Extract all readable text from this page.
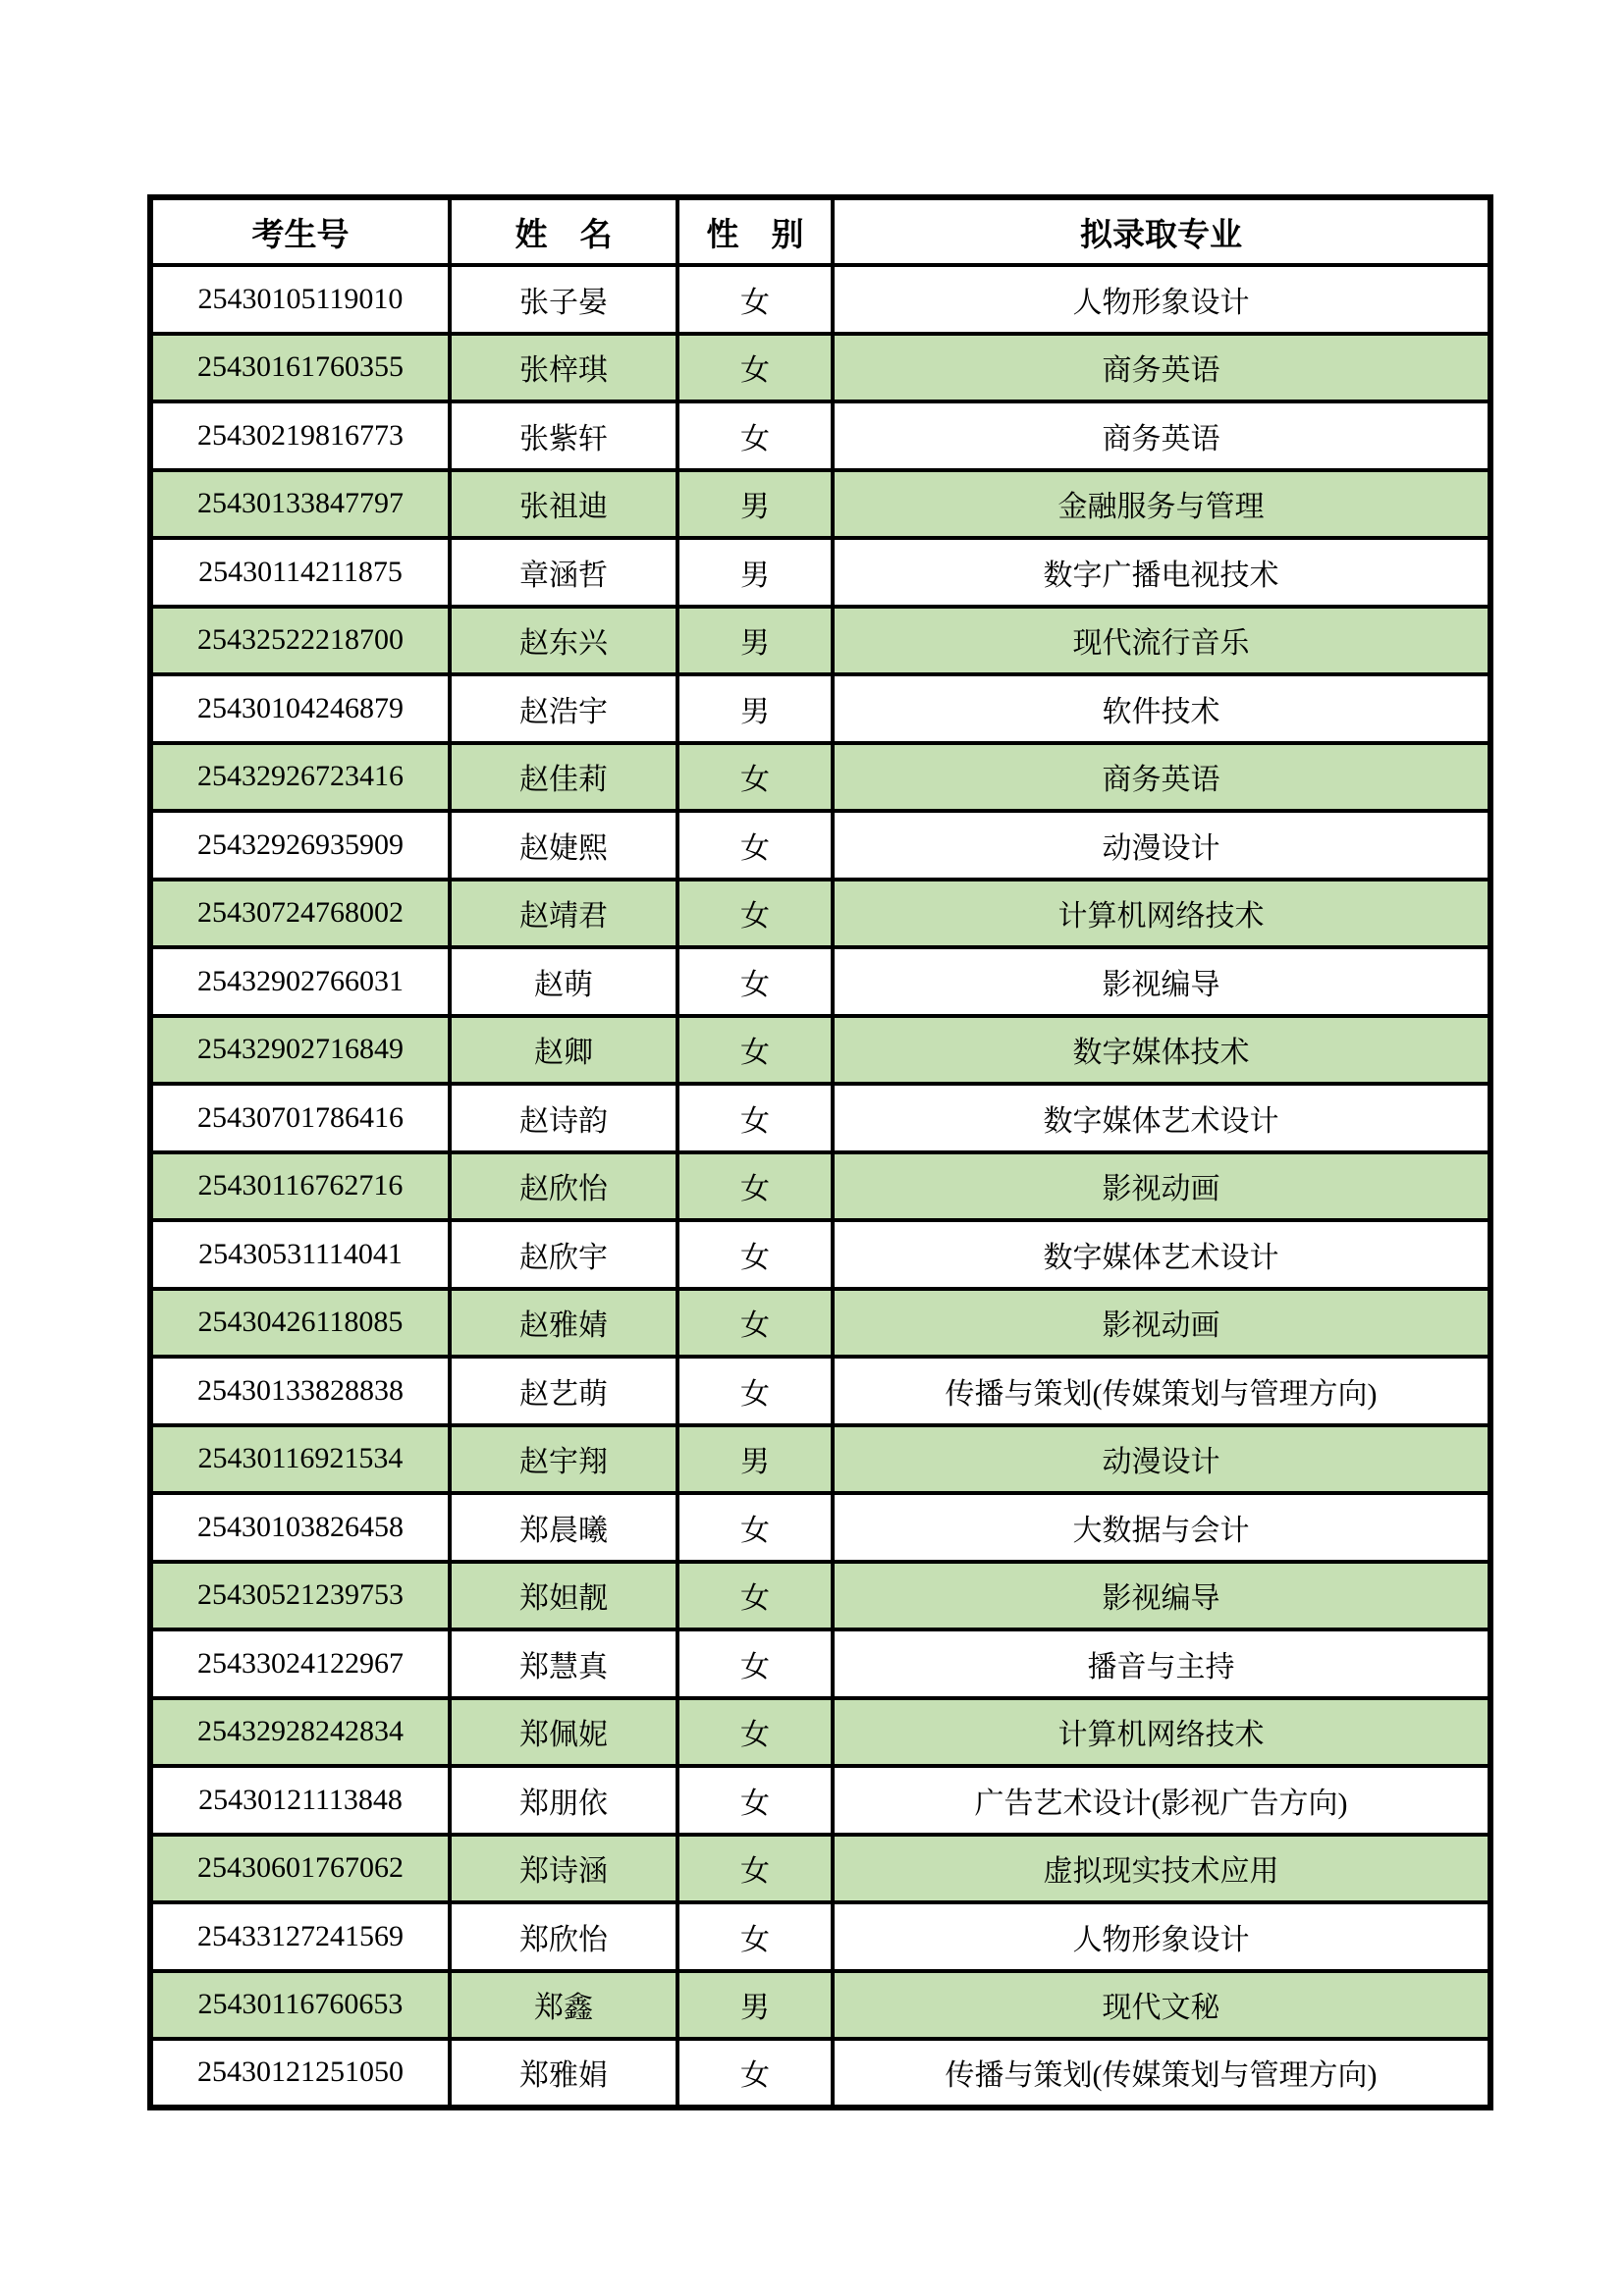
考生号	姓　名	性　别	拟录取专业
25430105119010	张子晏	女	人物形象设计
25430161760355	张梓琪	女	商务英语
25430219816773	张紫轩	女	商务英语
25430133847797	张祖迪	男	金融服务与管理
25430114211875	章涵哲	男	数字广播电视技术
25432522218700	赵东兴	男	现代流行音乐
25430104246879	赵浩宇	男	软件技术
25432926723416	赵佳莉	女	商务英语
25432926935909	赵婕熙	女	动漫设计
25430724768002	赵靖君	女	计算机网络技术
25432902766031	赵萌	女	影视编导
25432902716849	赵卿	女	数字媒体技术
25430701786416	赵诗韵	女	数字媒体艺术设计
25430116762716	赵欣怡	女	影视动画
25430531114041	赵欣宇	女	数字媒体艺术设计
25430426118085	赵雅婧	女	影视动画
25430133828838	赵艺萌	女	传播与策划(传媒策划与管理方向)
25430116921534	赵宇翔	男	动漫设计
25430103826458	郑晨曦	女	大数据与会计
25430521239753	郑妲靓	女	影视编导
25433024122967	郑慧真	女	播音与主持
25432928242834	郑佩妮	女	计算机网络技术
25430121113848	郑朋依	女	广告艺术设计(影视广告方向)
25430601767062	郑诗涵	女	虚拟现实技术应用
25433127241569	郑欣怡	女	人物形象设计
25430116760653	郑鑫	男	现代文秘
25430121251050	郑雅娟	女	传播与策划(传媒策划与管理方向)
